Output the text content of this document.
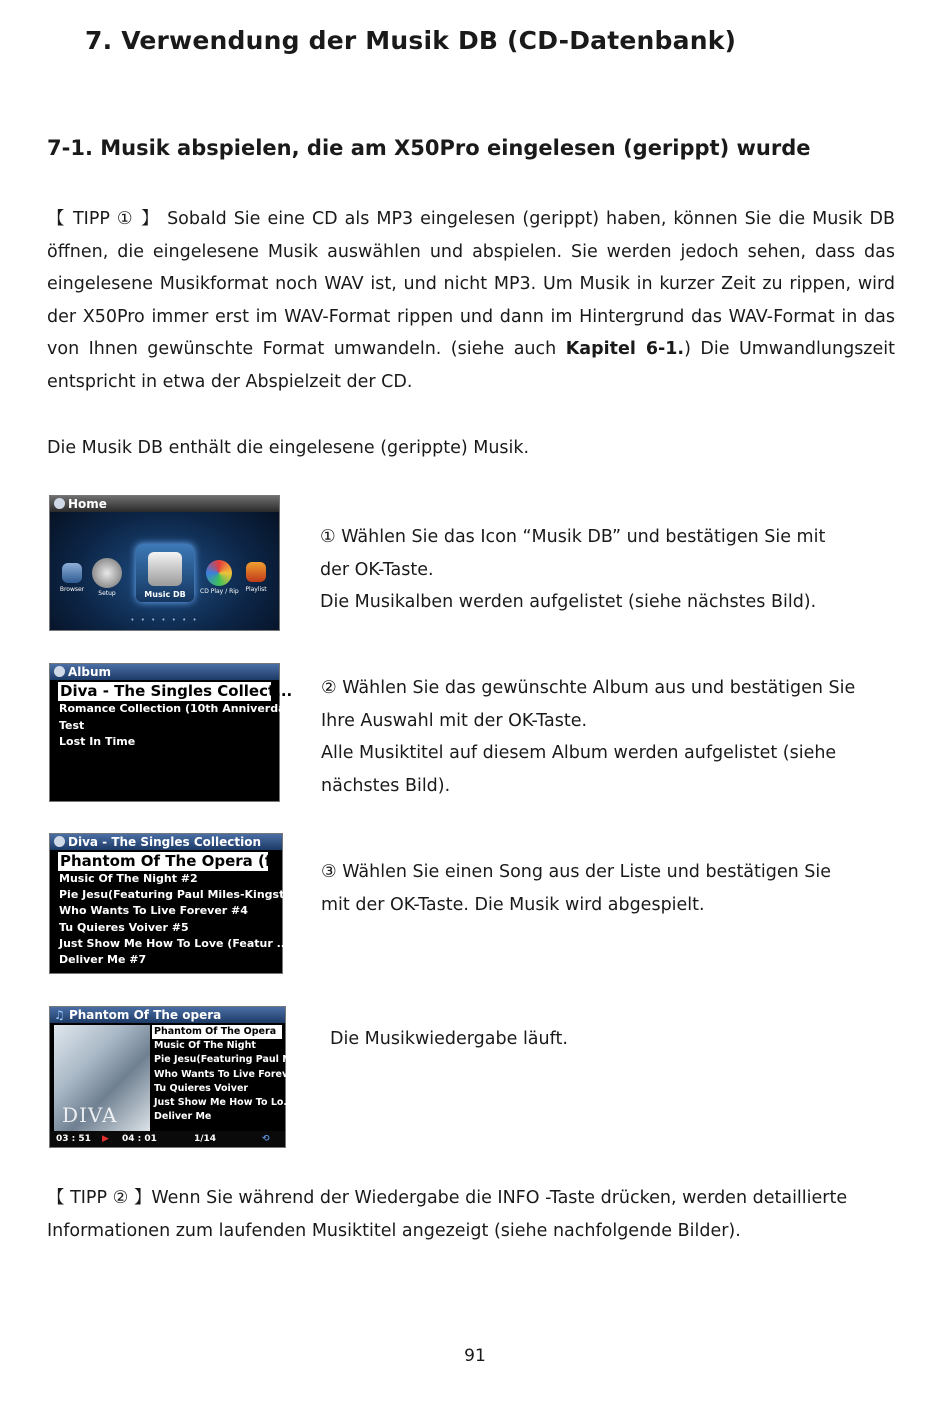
7. Verwendung der Musik DB (CD-Datenbank)
7-1. Musik abspielen, die am X50Pro eingelesen (gerippt) wurde

【 TIPP ① 】 Sobald Sie eine CD als MP3 eingelesen (gerippt) haben, können Sie die Musik DB öffnen, die eingelesene Musik auswählen und abspielen. Sie werden jedoch sehen, dass das eingelesene Musikformat noch WAV ist, und nicht MP3. Um Musik in kurzer Zeit zu rippen, wird der X50Pro immer erst im WAV-Format rippen und dann im Hintergrund das WAV-Format in das von Ihnen gewünschte Format umwandeln. (siehe auch Kapitel 6-1.) Die Umwandlungszeit entspricht in etwa der Abspielzeit der CD.

Die Musik DB enthält die eingelesene (gerippte) Musik.

Home
Browser
Setup	Music DB	CD Play / Rip	Playlist
• • • • • • •

① Wählen Sie das Icon “Musik DB” und bestätigen Sie mit

der OK-Taste.

Die Musikalben werden aufgelistet (siehe nächstes Bild).

Album
Diva - The Singles Collect...
Romance Collection (10th Anniverdary)
Test
Lost In Time

② Wählen Sie das gewünschte Album aus und bestätigen Sie

Ihre Auswahl mit der OK-Taste.

Alle Musiktitel auf diesem Album werden aufgelistet (siehe

nächstes Bild).

Diva - The Singles Collection
Phantom Of The Opera (fe
Music Of The Night #2
Pie Jesu(Featuring Paul Miles-Kingston..
Who Wants To Live Forever #4
Tu Quieres Voiver #5
Just Show Me How To Love (Featur ....
Deliver Me #7

③ Wählen Sie einen Song aus der Liste und bestätigen Sie

mit der OK-Taste. Die Musik wird abgespielt.

♫ Phantom Of The opera
DIVA
Phantom Of The Opera
Music Of The Night
Pie Jesu(Featuring Paul M..
Who Wants To Live Forev..
Tu Quieres Voiver
Just Show Me How To Lo..
Deliver Me
03 : 51 ▶ 04 : 01	1/14	⟲

Die Musikwiedergabe läuft.

【 TIPP ② 】Wenn Sie während der Wiedergabe die INFO -Taste drücken, werden detaillierte Informationen zum laufenden Musiktitel angezeigt (siehe nachfolgende Bilder).

91
